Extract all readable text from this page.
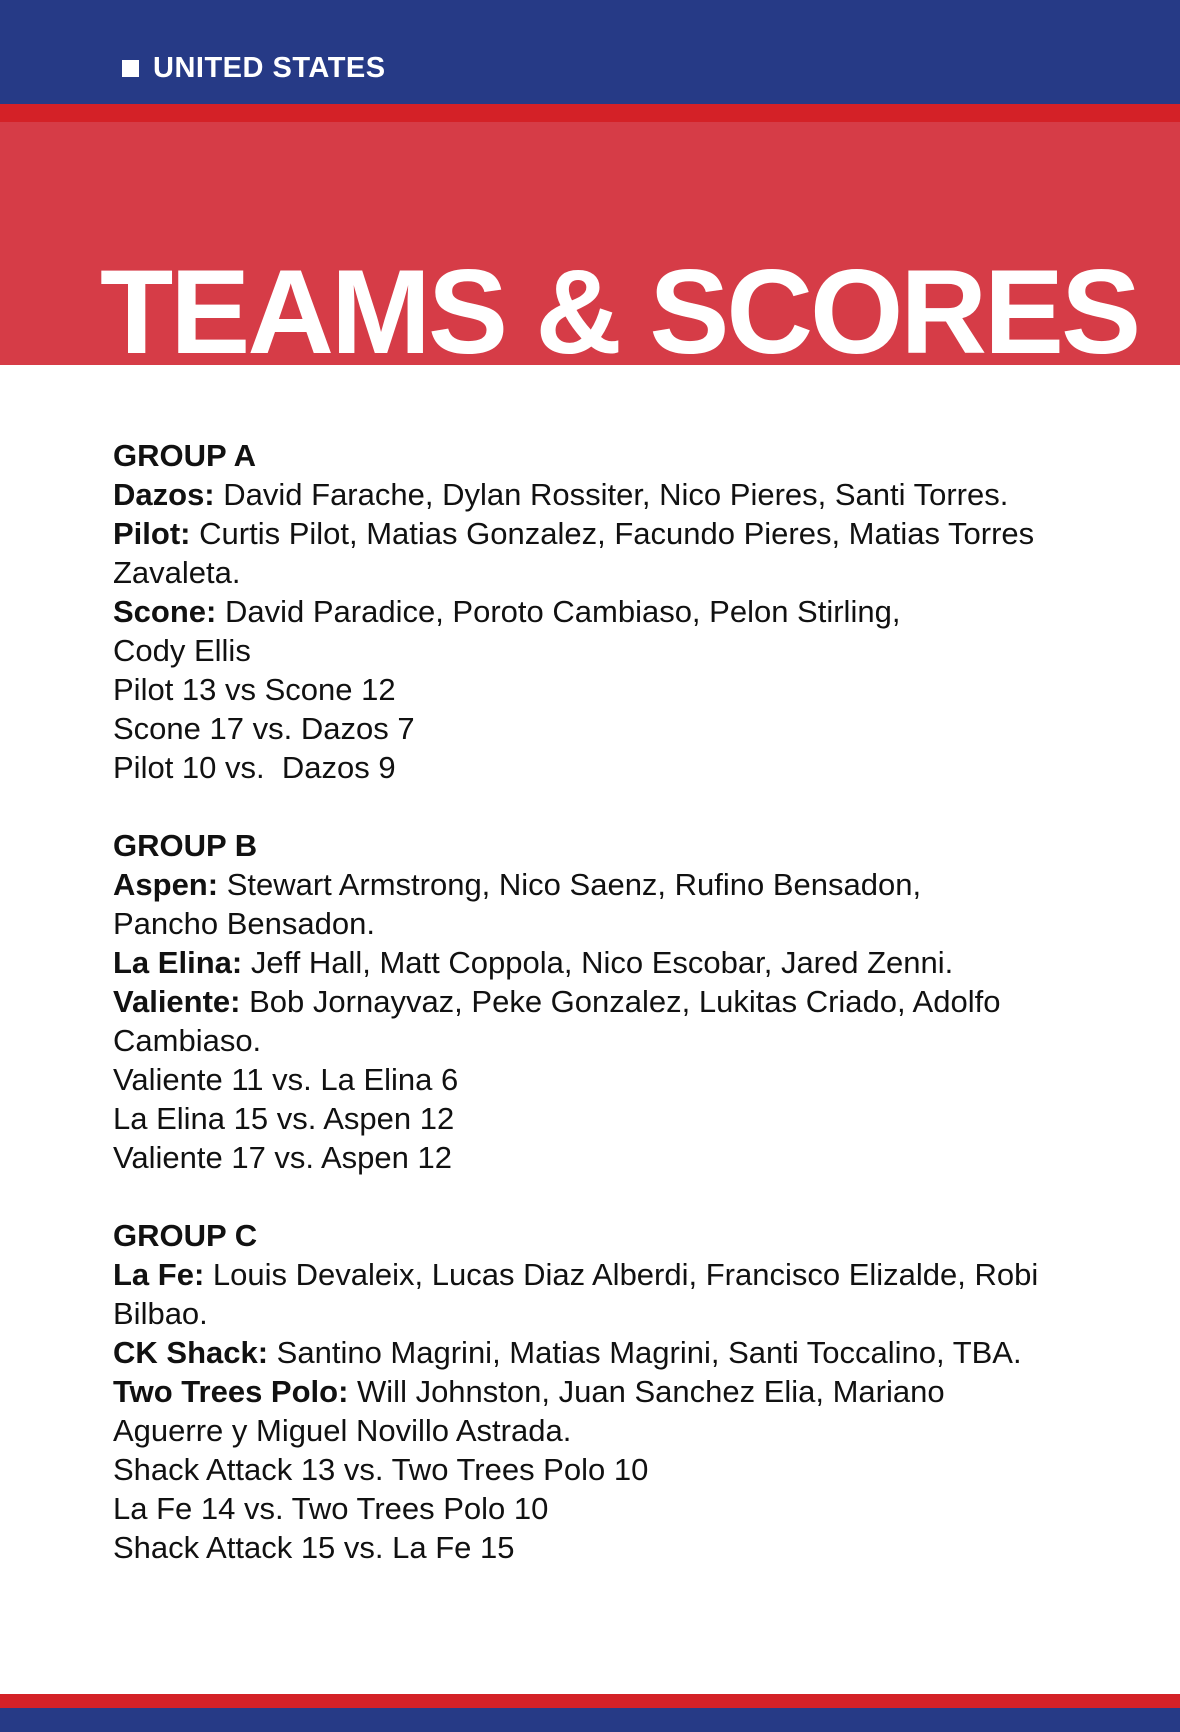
UNITED STATES
TEAMS & SCORES
GROUP A
Dazos: David Farache, Dylan Rossiter, Nico Pieres, Santi Torres.
Pilot: Curtis Pilot, Matias Gonzalez, Facundo Pieres, Matias Torres Zavaleta.
Scone: David Paradice, Poroto Cambiaso, Pelon Stirling, Cody Ellis
Pilot 13 vs Scone 12
Scone 17 vs. Dazos 7
Pilot 10 vs.  Dazos 9
GROUP B
Aspen: Stewart Armstrong, Nico Saenz, Rufino Bensadon, Pancho Bensadon.
La Elina: Jeff Hall, Matt Coppola, Nico Escobar, Jared Zenni.
Valiente: Bob Jornayvaz, Peke Gonzalez, Lukitas Criado, Adolfo Cambiaso.
Valiente 11 vs. La Elina 6
La Elina 15 vs. Aspen 12
Valiente 17 vs. Aspen 12
GROUP C
La Fe: Louis Devaleix, Lucas Diaz Alberdi, Francisco Elizalde, Robi Bilbao.
CK Shack: Santino Magrini, Matias Magrini, Santi Toccalino, TBA.
Two Trees Polo: Will Johnston, Juan Sanchez Elia, Mariano Aguerre y Miguel Novillo Astrada.
Shack Attack 13 vs. Two Trees Polo 10
La Fe 14 vs. Two Trees Polo 10
Shack Attack 15 vs. La Fe 15
